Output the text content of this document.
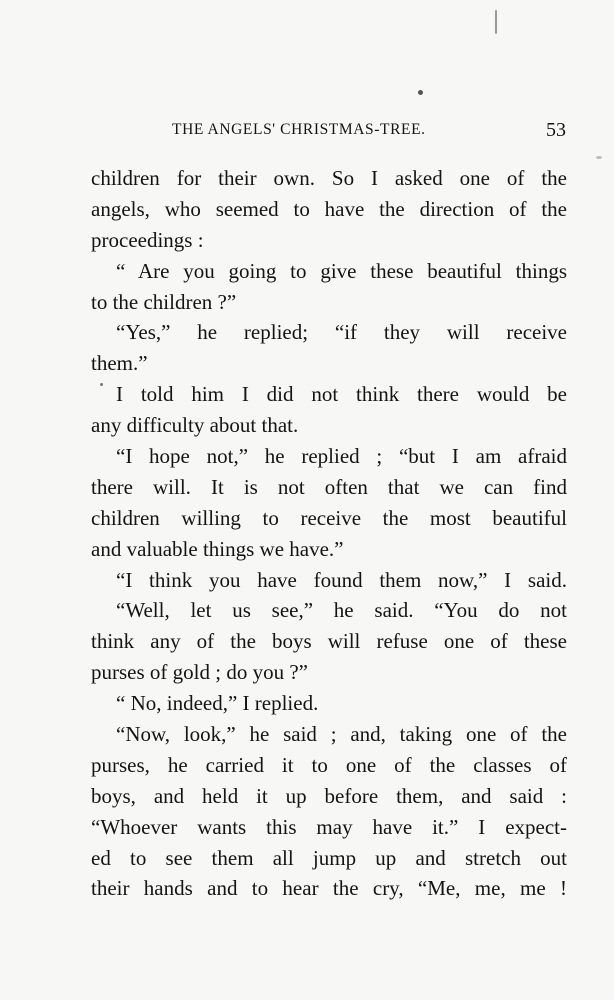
THE ANGELS' CHRISTMAS-TREE.	53
children for their own. So I asked one of the
angels, who seemed to have the direction of the
proceedings :
“ Are you going to give these beautiful things
to the children ?”
“Yes,” he replied; “if they will receive
them.”
I told him I did not think there would be
any difficulty about that.
“I hope not,” he replied ; “but I am afraid
there will. It is not often that we can find
children willing to receive the most beautiful
and valuable things we have.”
“I think you have found them now,” I said.
“Well, let us see,” he said. “You do not
think any of the boys will refuse one of these
purses of gold ; do you ?”
“ No, indeed,” I replied.
“Now, look,” he said ; and, taking one of the
purses, he carried it to one of the classes of
boys, and held it up before them, and said :
“Whoever wants this may have it.” I expect-
ed to see them all jump up and stretch out
their hands and to hear the cry, “Me, me, me !
